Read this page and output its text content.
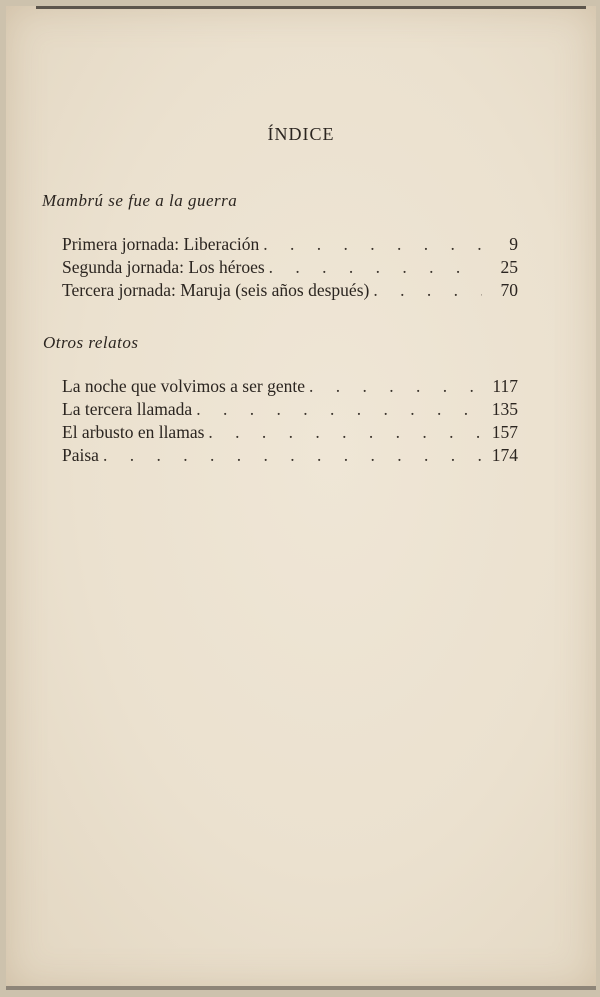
ÍNDICE
Mambrú se fue a la guerra
Primera jornada: Liberación . . .	9
Segunda jornada: Los héroes . . .	25
Tercera jornada: Maruja (seis años después) . . .	70
Otros relatos
La noche que volvimos a ser gente . . .	117
La tercera llamada . . .	135
El arbusto en llamas . . .	157
Paisa . . .	174
